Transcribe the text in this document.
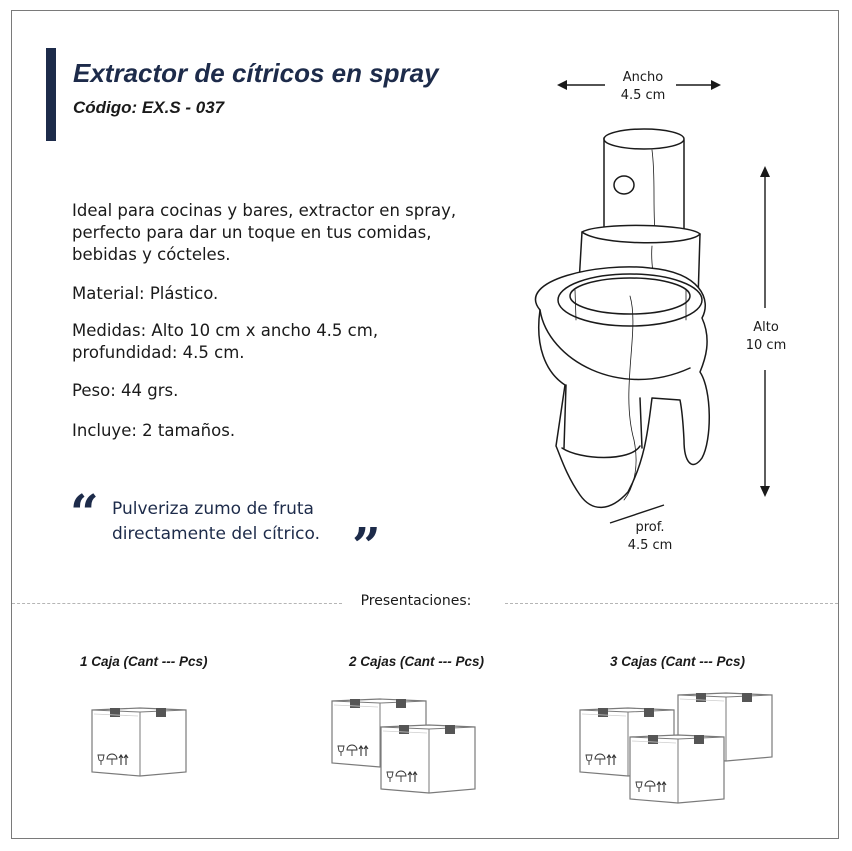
Extractor de cítricos en spray
Código: EX.S - 037
Ideal para cocinas y bares, extractor en spray, perfecto para dar un toque en tus comidas, bebidas y cócteles.
Material: Plástico.
Medidas: Alto 10 cm x ancho 4.5 cm, profundidad: 4.5 cm.
Peso: 44 grs.
Incluye: 2 tamaños.
“ Pulveriza zumo de fruta
directamente del cítrico. ”
Ancho
4.5 cm
Alto
10 cm
prof.
4.5 cm
Presentaciones:
1 Caja (Cant --- Pcs)	2 Cajas (Cant --- Pcs)	3 Cajas (Cant --- Pcs)
